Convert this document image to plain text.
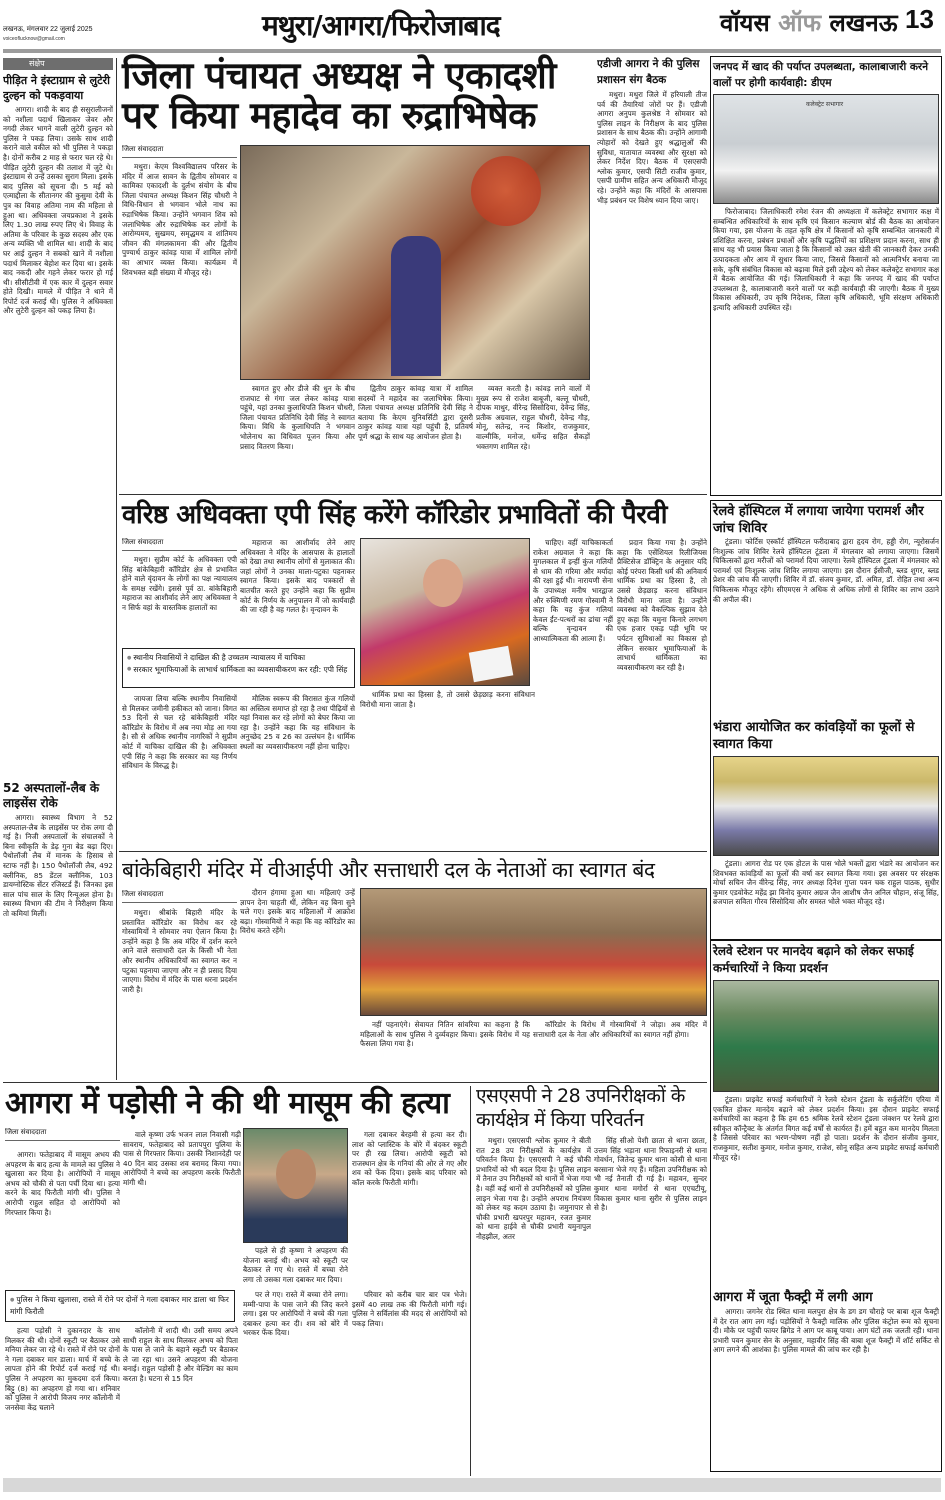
लखनऊ, मंगलवार 22 जुलाई 2025
voiceoflucknow@gmail.com	मथुरा/आगरा/फिरोजाबाद	वॉयस ऑफ लखनऊ 13
संक्षेप
पीड़ित ने इंस्टाग्राम से लुटेरी दुल्हन को पकड़वाया

आगरा। शादी के बाद ही ससुरालीजनों को नशीला पदार्थ खिलाकर जेवर और नगदी लेकर भागने वाली लुटेरी दुल्हन को पुलिस ने पकड़ लिया। उसके साथ शादी कराने वाले वकील को भी पुलिस ने पकड़ा है। दोनों करीब 2 माह से फरार चल रहे थे। पीड़ित लुटेरी दुल्हन की तलाश में जुटे थे। इंस्टाग्राम से उन्हें उसका सुराग मिला। इसके बाद पुलिस को सूचना दी। 5 मई को एत्माद्दौला के सीतानगर की कुसुमा देवी के पुत्र का विवाह अतिमा नाम की महिला से हुआ था। अधिवक्ता जयप्रकाश ने इसके लिए 1.30 लाख रुपए लिए थे। विवाह के अतिमा के परिवार के कुछ सदस्य और एक अन्य व्यक्ति भी शामिल था। शादी के बाद घर आई दुल्हन ने सबको खाने में नशीला पदार्थ मिलाकर बेहोश कर दिया था। इसके बाद नकदी और गहने लेकर फरार हो गई थी। सीसीटीवी में एक कार में दुल्हन सवार होते दिखी। मामले में पीड़ित ने थाने में रिपोर्ट दर्ज कराई थी। पुलिस ने अधिवक्ता और लुटेरी दुल्हन को पकड़ लिया है।

52 अस्पतालों-लैब के लाइसेंस रोके

आगरा। स्वास्थ्य विभाग ने 52 अस्पताल-लैब के लाइसेंस पर रोक लगा दी गई है। निजी अस्पतालों के संचालकों ने बिना स्वीकृति के डेढ़ गुना बेड बढ़ा दिए। पैथोलॉजी लैब में मानक के हिसाब से स्टाफ नहीं है। 150 पैथोलॉजी लैब, 492 क्लीनिक, 85 डेंटल क्लीनिक, 103 डायग्नोस्टिक सेंटर रजिस्टर्ड हैं। जिनका इस साल पांच साल के लिए रिन्यूअल होना है। स्वास्थ्य विभाग की टीम ने निरीक्षण किया तो कमियां मिलीं।

जिला पंचायत अध्यक्ष ने एकादशी पर किया महादेव का रुद्राभिषेक
जिला संवाददाता

मथुरा। केएम विश्वविद्यालय परिसर के मंदिर में आज सावन के द्वितीय सोमवार व कामिका एकादशी के दुर्लभ संयोग के बीच जिला पंचायत अध्यक्ष किशन सिंह चौधरी ने विधि-विधान से भगवान भोले नाथ का रुद्राभिषेक किया। उन्होंने भगवान शिव को जलाभिषेक और रुद्राभिषेक कर लोगों के आरोग्यमय, सुखमय, समृद्धमय व शांतिमय जीवन की मंगलकामना की और द्वितीय पुण्यार्थ ठाकुर कांवड़ यात्रा में शामिल लोगों का आभार व्यक्त किया। कार्यक्रम में शिवभक्त बड़ी संख्या में मौजूद रहे।

स्वागत हुए और डीजे की धुन के बीच राजघाट से गंगा जल लेकर कांवड़ यात्रा पहुंचे, यहां उनका कुलाधिपति किशन चौधरी, जिला पंचायत प्रतिनिधि देवी सिंह ने स्वागत किया। विधि के कुलाधिपति ने भगवान भोलेनाथ का विधिवत पूजन किया और प्रसाद वितरण किया।

द्वितीय ठाकुर कांवड़ यात्रा में शामिल सदस्यों ने महादेव का जलाभिषेक किया। जिला पंचायत अध्यक्ष प्रतिनिधि देवी सिंह ने बताया कि केएम यूनिवर्सिटी द्वारा दूसरी ठाकुर कांवड़ यात्रा यहां पहुंची है, प्रतिवर्ष पूर्ण श्रद्धा के साथ यह आयोजन होता है।

व्यक्त करती है। कांवड़ लाने वालों में मुख्य रूप से राजेश बाबूजी, बल्लू चौधरी, दीपक माथुर, वीरेन्द्र सिसोदिया, देवेन्द्र सिंह, प्रतीक अग्रवाल, राहुल चौधरी, देवेन्द्र गौड़, मोनू, सतेन्द्र, नन्द किशोर, राजकुमार, वाल्मीकि, मनोज, धर्मेन्द्र सहित सैकड़ों भक्तगण शामिल रहे।

एडीजी आगरा ने की पुलिस प्रशासन संग बैठक

मथुरा। मथुरा जिले में हरियाली तीज पर्व की तैयारियां जोरों पर हैं। एडीजी आगरा अनुपम कुलश्रेष्ठ ने सोमवार को पुलिस लाइन के निरीक्षण के बाद पुलिस प्रशासन के साथ बैठक की। उन्होंने आगामी त्योहारों को देखते हुए श्रद्धालुओं की सुविधा, यातायात व्यवस्था और सुरक्षा को लेकर निर्देश दिए। बैठक में एसएसपी श्लोक कुमार, एसपी सिटी राजीव कुमार, एसपी ग्रामीण सहित अन्य अधिकारी मौजूद रहे। उन्होंने कहा कि मंदिरों के आसपास भीड़ प्रबंधन पर विशेष ध्यान दिया जाए।

जनपद में खाद की पर्याप्त उपलब्धता, कालाबाजारी करने वालों पर होगी कार्यवाही: डीएम
कलेक्ट्रेट सभागार

फिरोजाबाद। जिलाधिकारी रमेश रंजन की अध्यक्षता में कलेक्ट्रेट सभागार कक्ष में सम्बन्धित अधिकारियों के साथ कृषि एवं किसान कल्याण बोर्ड की बैठक का आयोजन किया गया, इस योजना के तहत कृषि क्षेत्र में किसानों को कृषि सम्बन्धित जानकारी में प्रशिक्षित करना, प्रबंधन प्रथाओं और कृषि पद्धतियों का प्रशिक्षण प्रदान करना, साथ ही साथ यह भी प्रयास किया जाता है कि किसानों को उन्नत खेती की जानकारी देकर उनकी उत्पादकता और आय में सुधार किया जाए, जिससे किसानों को आत्मनिर्भर बनाया जा सके, कृषि संबंधित विकास को बढ़ावा मिले इसी उद्देश्य को लेकर कलेक्ट्रेट सभागार कक्ष में बैठक आयोजित की गई। जिलाधिकारी ने कहा कि जनपद में खाद की पर्याप्त उपलब्धता है, कालाबाजारी करने वालों पर कड़ी कार्यवाही की जाएगी। बैठक में मुख्य विकास अधिकारी, उप कृषि निदेशक, जिला कृषि अधिकारी, भूमि संरक्षण अधिकारी इत्यादि अधिकारी उपस्थित रहें।

वरिष्ठ अधिवक्ता एपी सिंह करेंगे कॉरिडोर प्रभावितों की पैरवी
जिला संवाददाता

मथुरा। सुप्रीम कोर्ट के अधिवक्ता एपी सिंह बांकेबिहारी कॉरिडोर क्षेत्र से प्रभावित होने वाले वृंदावन के लोगों का पक्ष न्यायालय के समक्ष रखेंगे। इससे पूर्व ठा. बांकेबिहारी महाराज का आशीर्वाद लेने आए अधिवक्ता ने न सिर्फ वहां के वास्तविक हालातों का

महाराज का आशीर्वाद लेने आए अधिवक्ता ने मंदिर के आसपास के हालातों को देखा तथा स्थानीय लोगों से मुलाकात की। जहां लोगों ने उनका माला-पटुका पहनाकर स्वागत किया। इसके बाद पत्रकारों से बातचीत करते हुए उन्होंने कहा कि सुप्रीम कोर्ट के निर्णय के अनुपालन में जो कार्यवाही की जा रही है वह गलत है। वृन्दावन के

● स्थानीय निवासियों ने दाखिल की है उच्चतम न्यायालय में याचिका
● सरकार भूमाफियाओं के लाभार्थ धार्मिकता का व्यवसायीकरण कर रही: एपी सिंह

जायजा लिया बल्कि स्थानीय निवासियों से मिलकर जमीनी हकीकत को जाना। विगत 53 दिनों से चल रहे बांकेबिहारी मंदिर कॉरिडोर के विरोध में अब नया मोड़ आ गया है। सौ से अधिक स्थानीय नागरिकों ने सुप्रीम कोर्ट में याचिका दाखिल की है। अधिवक्ता एपी सिंह ने कहा कि सरकार का यह निर्णय संविधान के विरुद्ध है।

मौलिक स्वरूप की विरासत कुंज गलियों का अस्तित्व समाप्त हो रहा है तथा पीढ़ियों से यहां निवास कर रहे लोगों को बेघर किया जा रहा है। उन्होंने कहा कि यह संविधान के अनुच्छेद 25 व 26 का उल्लंघन है। धार्मिक स्थलों का व्यवसायीकरण नहीं होना चाहिए।

धार्मिक प्रथा का हिस्सा है, तो उससे छेड़छाड़ करना संविधान विरोधी माना जाता है।

चाहिए। वहीं याचिकाकर्ता राकेश अग्रवाल ने कहा कि मुगलकाल में इन्हीं कुंज गलियों से धाम की गरिमा और मर्यादा की रक्षा हुई थी। नारायणी सेना के उपाध्यक्ष मनीष भारद्वाज और रुक्मिणी रमण गोस्वामी ने कहा कि यह कुंज गलियां केवल ईंट-पत्थरों का ढांचा नहीं बल्कि वृन्दावन की आध्यात्मिकता की आत्मा हैं।

प्रदान किया गया है। उन्होंने कहा कि एसेंशियल रिलीजियस प्रैक्टिसेज डॉक्ट्रिन के अनुसार यदि कोई परंपरा किसी धर्म की अनिवार्य धार्मिक प्रथा का हिस्सा है, तो उससे छेड़छाड़ करना संविधान विरोधी माना जाता है। उन्होंने व्यवस्था को वैकल्पिक सुझाव देते हुए कहा कि यमुना किनारे लगभग एक हजार एकड़ पड़ी भूमि पर पर्यटन सुविधाओं का विकास हो लेकिन सरकार भूमाफियाओं के लाभार्थ धार्मिकता का व्यवसायीकरण कर रही है।

रेलवे हॉस्पिटल में लगाया जायेगा परामर्श और जांच शिविर

टूंडला। फोर्टिस एस्कॉर्ट हॉस्पिटल फरीदाबाद द्वारा हृदय रोग, हड्डी रोग, न्यूरोसर्जन निःशुल्क जांच शिविर रेलवे हॉस्पिटल टूंडला में मंगलवार को लगाया जाएगा। जिसमें चिकित्सकों द्वारा मरीजों को परामर्श दिया जाएगा। रेलवे हॉस्पिटल टूंडला में मंगलवार को परामर्श एवं निःशुल्क जांच शिविर लगाया जाएगा। इस दौरान ईसीजी, ब्लड शुगर, ब्लड प्रेशर की जांच की जाएगी। शिविर में डॉ. संजय कुमार, डॉ. अमित, डॉ. रोहित तथा अन्य चिकित्सक मौजूद रहेंगे। सीएमएस ने अधिक से अधिक लोगों से शिविर का लाभ उठाने की अपील की।

भंडारा आयोजित कर कांवड़ियों का फूलों से स्वागत किया

टूंडला। आगरा रोड पर एक होटल के पास भोले भक्तों द्वारा भंडारे का आयोजन कर शिवभक्त कांवड़ियों का फूलों की वर्षा कर स्वागत किया गया। इस अवसर पर संरक्षक मोर्चा सचिन जैन वीरेन्द्र सिंह, नगर अध्यक्ष दिनेश गुप्ता पवन चक राहुल पाठक, सुधीर कुमार एडवोकेट महेंद्र झा विनोद कुमार अग्रज जैन आशीष जैन अनिल चौहान, संजू सिंह, ब्रजपाल सविता गौरव सिसोदिया और समस्त भोले भक्त मौजूद रहे।

बांकेबिहारी मंदिर में वीआईपी और सत्ताधारी दल के नेताओं का स्वागत बंद
जिला संवाददाता

मथुरा। श्रीबांके बिहारी मंदिर के प्रस्तावित कॉरिडोर का विरोध कर रहे गोस्वामियों ने सोमवार नया ऐलान किया है। उन्होंने कहा है कि अब मंदिर में दर्शन करने आने वाले सत्ताधारी दल के किसी भी नेता और स्थानीय अधिकारियों का स्वागत कर न पटुका पहनाया जाएगा और न ही प्रसाद दिया जाएगा। विरोध में मंदिर के पास धरना प्रदर्शन जारी है।

दौरान हंगामा हुआ था। महिलाएं उन्हें ज्ञापन देना चाहती थीं, लेकिन वह बिना सुने चले गए। इसके बाद महिलाओं में आक्रोश बढ़ा। गोस्वामियों ने कहा कि वह कॉरिडोर का विरोध करते रहेंगे।

नहीं पहनाएंगे। सेवायत नितिन सांवरिया का कहना है कि महिलाओं के साथ पुलिस ने दुर्व्यवहार किया। इसके विरोध में यह फैसला लिया गया है।

कॉरिडोर के विरोध में गोस्वामियों ने जोड़ा। अब मंदिर में सत्ताधारी दल के नेता और अधिकारियों का स्वागत नहीं होगा।

रेलवे स्टेशन पर मानदेय बढ़ाने को लेकर सफाई कर्मचारियों ने किया प्रदर्शन

टूंडला। प्राइवेट सफाई कर्मचारियों ने रेलवे स्टेशन टूंडला के सर्कुलेटिंग एरिया में एकत्रित होकर मानदेय बढ़ाने को लेकर प्रदर्शन किया। इस दौरान प्राइवेट सफाई कर्मचारियों का कहना है कि हम 65 श्रमिक रेलवे स्टेशन टूंडला जंक्शन पर रेलवे द्वारा स्वीकृत कॉन्ट्रैक्ट के अंतर्गत विगत कई वर्षों से कार्यरत हैं। हमें बहुत कम मानदेय मिलता है जिससे परिवार का भरण-पोषण नहीं हो पाता। प्रदर्शन के दौरान संजीव कुमार, राजकुमार, सतीश कुमार, मनोज कुमार, राजेश, सोनू सहित अन्य प्राइवेट सफाई कर्मचारी मौजूद रहे।

आगरा में जूता फैक्ट्री में लगी आग

आगरा। जगनेर रोड स्थित थाना मलपुरा क्षेत्र के डग डग चौराहे पर बाबा शूज फैक्ट्री में देर रात आग लग गई। पड़ोसियों ने फैक्ट्री मालिक और पुलिस कंट्रोल रूम को सूचना दी। मौके पर पहुंची फायर ब्रिगेड ने आग पर काबू पाया। आग घंटों तक जलती रही। थाना प्रभारी पवन कुमार सेन के अनुसार, महावीर सिंह की बाबा शूज फैक्ट्री में शॉर्ट सर्किट से आग लगने की आशंका है। पुलिस मामले की जांच कर रही है।

आगरा में पड़ोसी ने की थी मासूम की हत्या
जिला संवाददाता

आगरा। फतेहाबाद में मासूम अभय की अपहरण के बाद हत्या के मामले का पुलिस ने खुलासा कर दिया है। आरोपियों ने मासूम अभय को चौकी से पता पर्ची दिया था। हत्या करने के बाद फिरौती मांगी थी। पुलिस ने आरोपी राहुल सहित दो आरोपियों को गिरफ्तार किया है।

वाले कृष्णा उर्फ भजन लाल निवासी गढ़ी सावराय, फतेहाबाद को प्रतापपुरा पुलिया के पास से गिरफ्तार किया। उसकी निशानदेही पर 40 दिन बाद उसका शव बरामद किया गया। आरोपियों ने बच्चे का अपहरण करके फिरौती मांगी थी।

पहले से ही कृष्णा ने अपहरण की योजना बनाई थी। अभय को स्कूटी पर बैठाकर ले गए थे। रास्ते में बच्चा रोने लगा तो उसका गला दबाकर मार दिया।

गला दबाकर बेरहमी से हत्या कर दी। लाश को प्लास्टिक के बोरे में बंदकर स्कूटी पर ही रख लिया। आरोपी स्कूटी को राजस्थान क्षेत्र के गनियां की ओर ले गए और शव को फेंक दिया। इसके बाद परिवार को कॉल करके फिरौती मांगी।

● पुलिस ने किया खुलासा, रास्ते में रोने पर दोनों ने गला दबाकर मार डाला था फिर मांगी फिरौती

हत्या पड़ोसी ने दुकानदार के साथ मिलकर की थी। दोनों स्कूटी पर बैठाकर उसे मनिया लेकर जा रहे थे। रास्ते में रोने पर दोनों ने गला दबाकर मार डाला। मार्च में बच्चे के लापता होने की रिपोर्ट दर्ज कराई गई थी। पुलिस ने अपहरण का मुकदमा दर्ज किया। बिट्टू (8) का अपहरण हो गया था। शनिवार को पुलिस ने आरोपी विजय नगर कॉलोनी में जनसेवा केंद्र चलाने

कॉलोनी में शादी थी। उसी समय अपने साथी राहुल के साथ मिलकर अभय को पिता के पास ले जाने के बहाने स्कूटी पर बैठाकर ले जा रहा था। उसने अपहरण की योजना बनाई। राहुल पड़ोसी है और वेल्डिंग का काम करता है। घटना से 15 दिन

पर ले गए। रास्ते में बच्चा रोने लगा। मम्मी-पापा के पास जाने की जिद करने लगा। इस पर आरोपियों ने बच्चे की गला दबाकर हत्या कर दी। शव को बोरे में भरकर फेंक दिया।

परिवार को करीब चार बार पत्र भेजे। इसमें 40 लाख तक की फिरौती मांगी गई। पुलिस ने सर्विलांस की मदद से आरोपियों को पकड़ लिया।

एसएसपी ने 28 उपनिरीक्षकों के कार्यक्षेत्र में किया परिवर्तन

मथुरा। एसएसपी श्लोक कुमार ने बीती रात 28 उप निरीक्षकों के कार्यक्षेत्र में परिवर्तन किया है। एसएसपी ने कई चौकी प्रभारियों को भी बदल दिया है। पुलिस लाइन में तैनात उप निरीक्षकों को थानों में भेजा गया है। वहीं कई थानों से उपनिरीक्षकों को पुलिस लाइन भेजा गया है। उन्होंने अपराध नियंत्रण को लेकर यह कदम उठाया है। जमुनापार से चौकी प्रभारी खपरपुर महावन, रजत कुमार को थाना हाईवे से चौकी प्रभारी यमुनापुल नौहझील, अतर

सिंह सीओ पेशी छाता से थाना छाता, उत्तम सिंह भड़ाना थाना रिफाइनरी से थाना गोवर्धन, जितेन्द्र कुमार थाना कोसी से थाना बरसाना भेजे गए हैं। महिला उपनिरीक्षक को भी नई तैनाती दी गई है। महावन, सुन्दर कुमार थाना मगोर्रा से थाना एएचटीयू, विकास कुमार थाना सुरीर से पुलिस लाइन से है।
